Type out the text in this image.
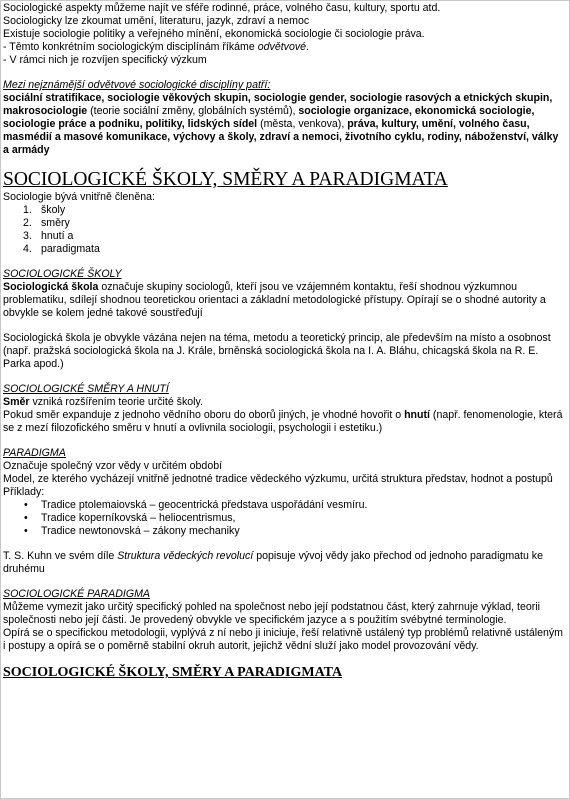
Sociologické aspekty můžeme najít ve sféře rodinné, práce, volného času, kultury, sportu atd.

Sociologicky lze zkoumat umění, literaturu, jazyk, zdraví a nemoc

Existuje sociologie politiky a veřejného mínění, ekonomická sociologie či sociologie práva.

- Těmto konkrétním sociologickým disciplínám říkáme odvětvové.

- V rámci nich je rozvíjen specifický výzkum

Mezi nejznámější odvětvové sociologické disciplíny patří:

sociální stratifikace, sociologie věkových skupin, sociologie gender, sociologie rasových a etnických skupin, makrosociologie (teorie sociální změny, globálních systémů), sociologie organizace, ekonomická sociologie, sociologie práce a podniku, politiky, lidských sídel (města, venkova), práva, kultury, umění, volného času, masmédií a masové komunikace, výchovy a školy, zdraví a nemoci, životního cyklu, rodiny, náboženství, války a armády

SOCIOLOGICKÉ ŠKOLY, SMĚRY A PARADIGMATA

Sociologie bývá vnitřně členěna:

1. školy
2. směry
3. hnutí a
4. paradigmata

SOCIOLOGICKÉ ŠKOLY

Sociologická škola označuje skupiny sociologů, kteří jsou ve vzájemném kontaktu, řeší shodnou výzkumnou problematiku, sdílejí shodnou teoretickou orientaci a základní metodologické přístupy. Opírají se o shodné autority a obvykle se kolem jedné takové soustřeďují

Sociologická škola je obvykle vázána nejen na téma, metodu a teoretický princip, ale především na místo a osobnost (např. pražská sociologická škola na J. Krále, brněnská sociologická škola na I. A. Bláhu, chicagská škola na R. E. Parka apod.)

SOCIOLOGICKÉ SMĚRY A HNUTÍ

Směr vzniká rozšířením teorie určité školy.

Pokud směr expanduje z jednoho vědního oboru do oborů jiných, je vhodné hovořit o hnutí (např. fenomenologie, která se z mezí filozofického směru v hnutí a ovlivnila sociologii, psychologii i estetiku.)

PARADIGMA

Označuje společný vzor vědy v určitém období

Model, ze kterého vycházejí vnitřně jednotné tradice vědeckého výzkumu, určitá struktura představ, hodnot a postupů

Příklady:

• Tradice ptolemaiovská – geocentrická představa uspořádání vesmíru.
• Tradice koperníkovská – heliocentrismus,
• Tradice newtonovská – zákony mechaniky

T. S. Kuhn ve svém díle Struktura vědeckých revolucí popisuje vývoj vědy jako přechod od jednoho paradigmatu ke druhému

SOCIOLOGICKÉ PARADIGMA

Můžeme vymezit jako určitý specifický pohled na společnost nebo její podstatnou část, který zahrnuje výklad, teorii společnosti nebo její části. Je provedený obvykle ve specifickém jazyce a s použitím svébytné terminologie.

Opírá se o specifickou metodologii, vyplývá z ní nebo ji iniciuje, řeší relativně ustálený typ problémů relativně ustáleným i postupy a opírá se o poměrně stabilní okruh autorit, jejichž vědní služí jako model provozování vědy.

SOCIOLOGICKÉ ŠKOLY, SMĚRY A PARADIGMATA
